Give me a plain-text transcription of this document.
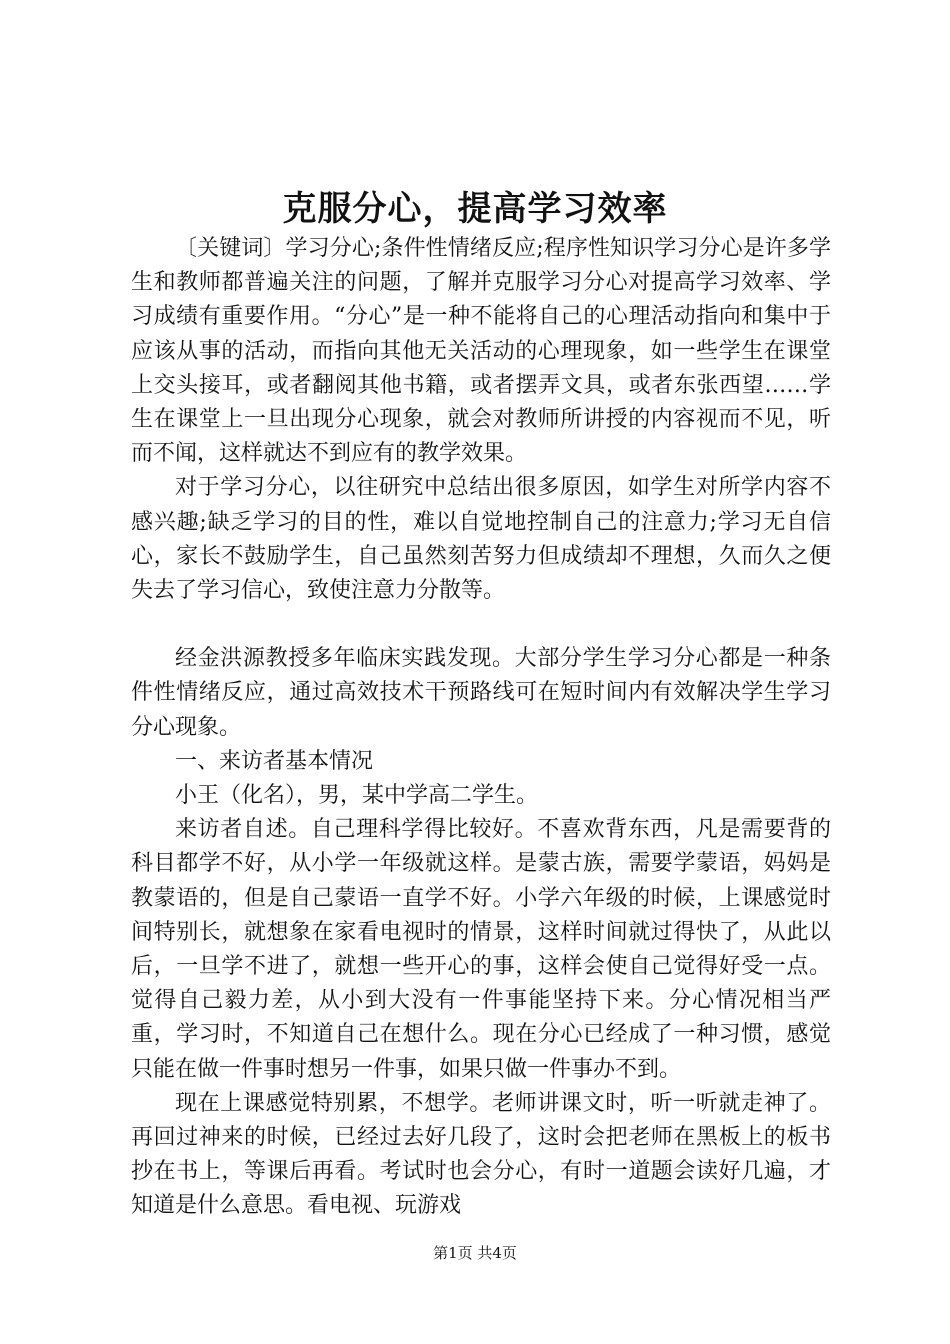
克服分心，提高学习效率

〔关键词〕学习分心;条件性情绪反应;程序性知识学习分心是许多学生和教师都普遍关注的问题，了解并克服学习分心对提高学习效率、学习成绩有重要作用。“分心”是一种不能将自己的心理活动指向和集中于应该从事的活动，而指向其他无关活动的心理现象，如一些学生在课堂上交头接耳，或者翻阅其他书籍，或者摆弄文具，或者东张西望……学生在课堂上一旦出现分心现象，就会对教师所讲授的内容视而不见，听而不闻，这样就达不到应有的教学效果。

对于学习分心，以往研究中总结出很多原因，如学生对所学内容不感兴趣;缺乏学习的目的性，难以自觉地控制自己的注意力;学习无自信心，家长不鼓励学生，自己虽然刻苦努力但成绩却不理想，久而久之便失去了学习信心，致使注意力分散等。

经金洪源教授多年临床实践发现。大部分学生学习分心都是一种条件性情绪反应，通过高效技术干预路线可在短时间内有效解决学生学习分心现象。

一、来访者基本情况

小王（化名），男，某中学高二学生。

来访者自述。自己理科学得比较好。不喜欢背东西，凡是需要背的科目都学不好，从小学一年级就这样。是蒙古族，需要学蒙语，妈妈是教蒙语的，但是自己蒙语一直学不好。小学六年级的时候，上课感觉时间特别长，就想象在家看电视时的情景，这样时间就过得快了，从此以后，一旦学不进了，就想一些开心的事，这样会使自己觉得好受一点。觉得自己毅力差，从小到大没有一件事能坚持下来。分心情况相当严重，学习时，不知道自己在想什么。现在分心已经成了一种习惯，感觉只能在做一件事时想另一件事，如果只做一件事办不到。

现在上课感觉特别累，不想学。老师讲课文时，听一听就走神了。再回过神来的时候，已经过去好几段了，这时会把老师在黑板上的板书抄在书上，等课后再看。考试时也会分心，有时一道题会读好几遍，才知道是什么意思。看电视、玩游戏

第1页 共4页
